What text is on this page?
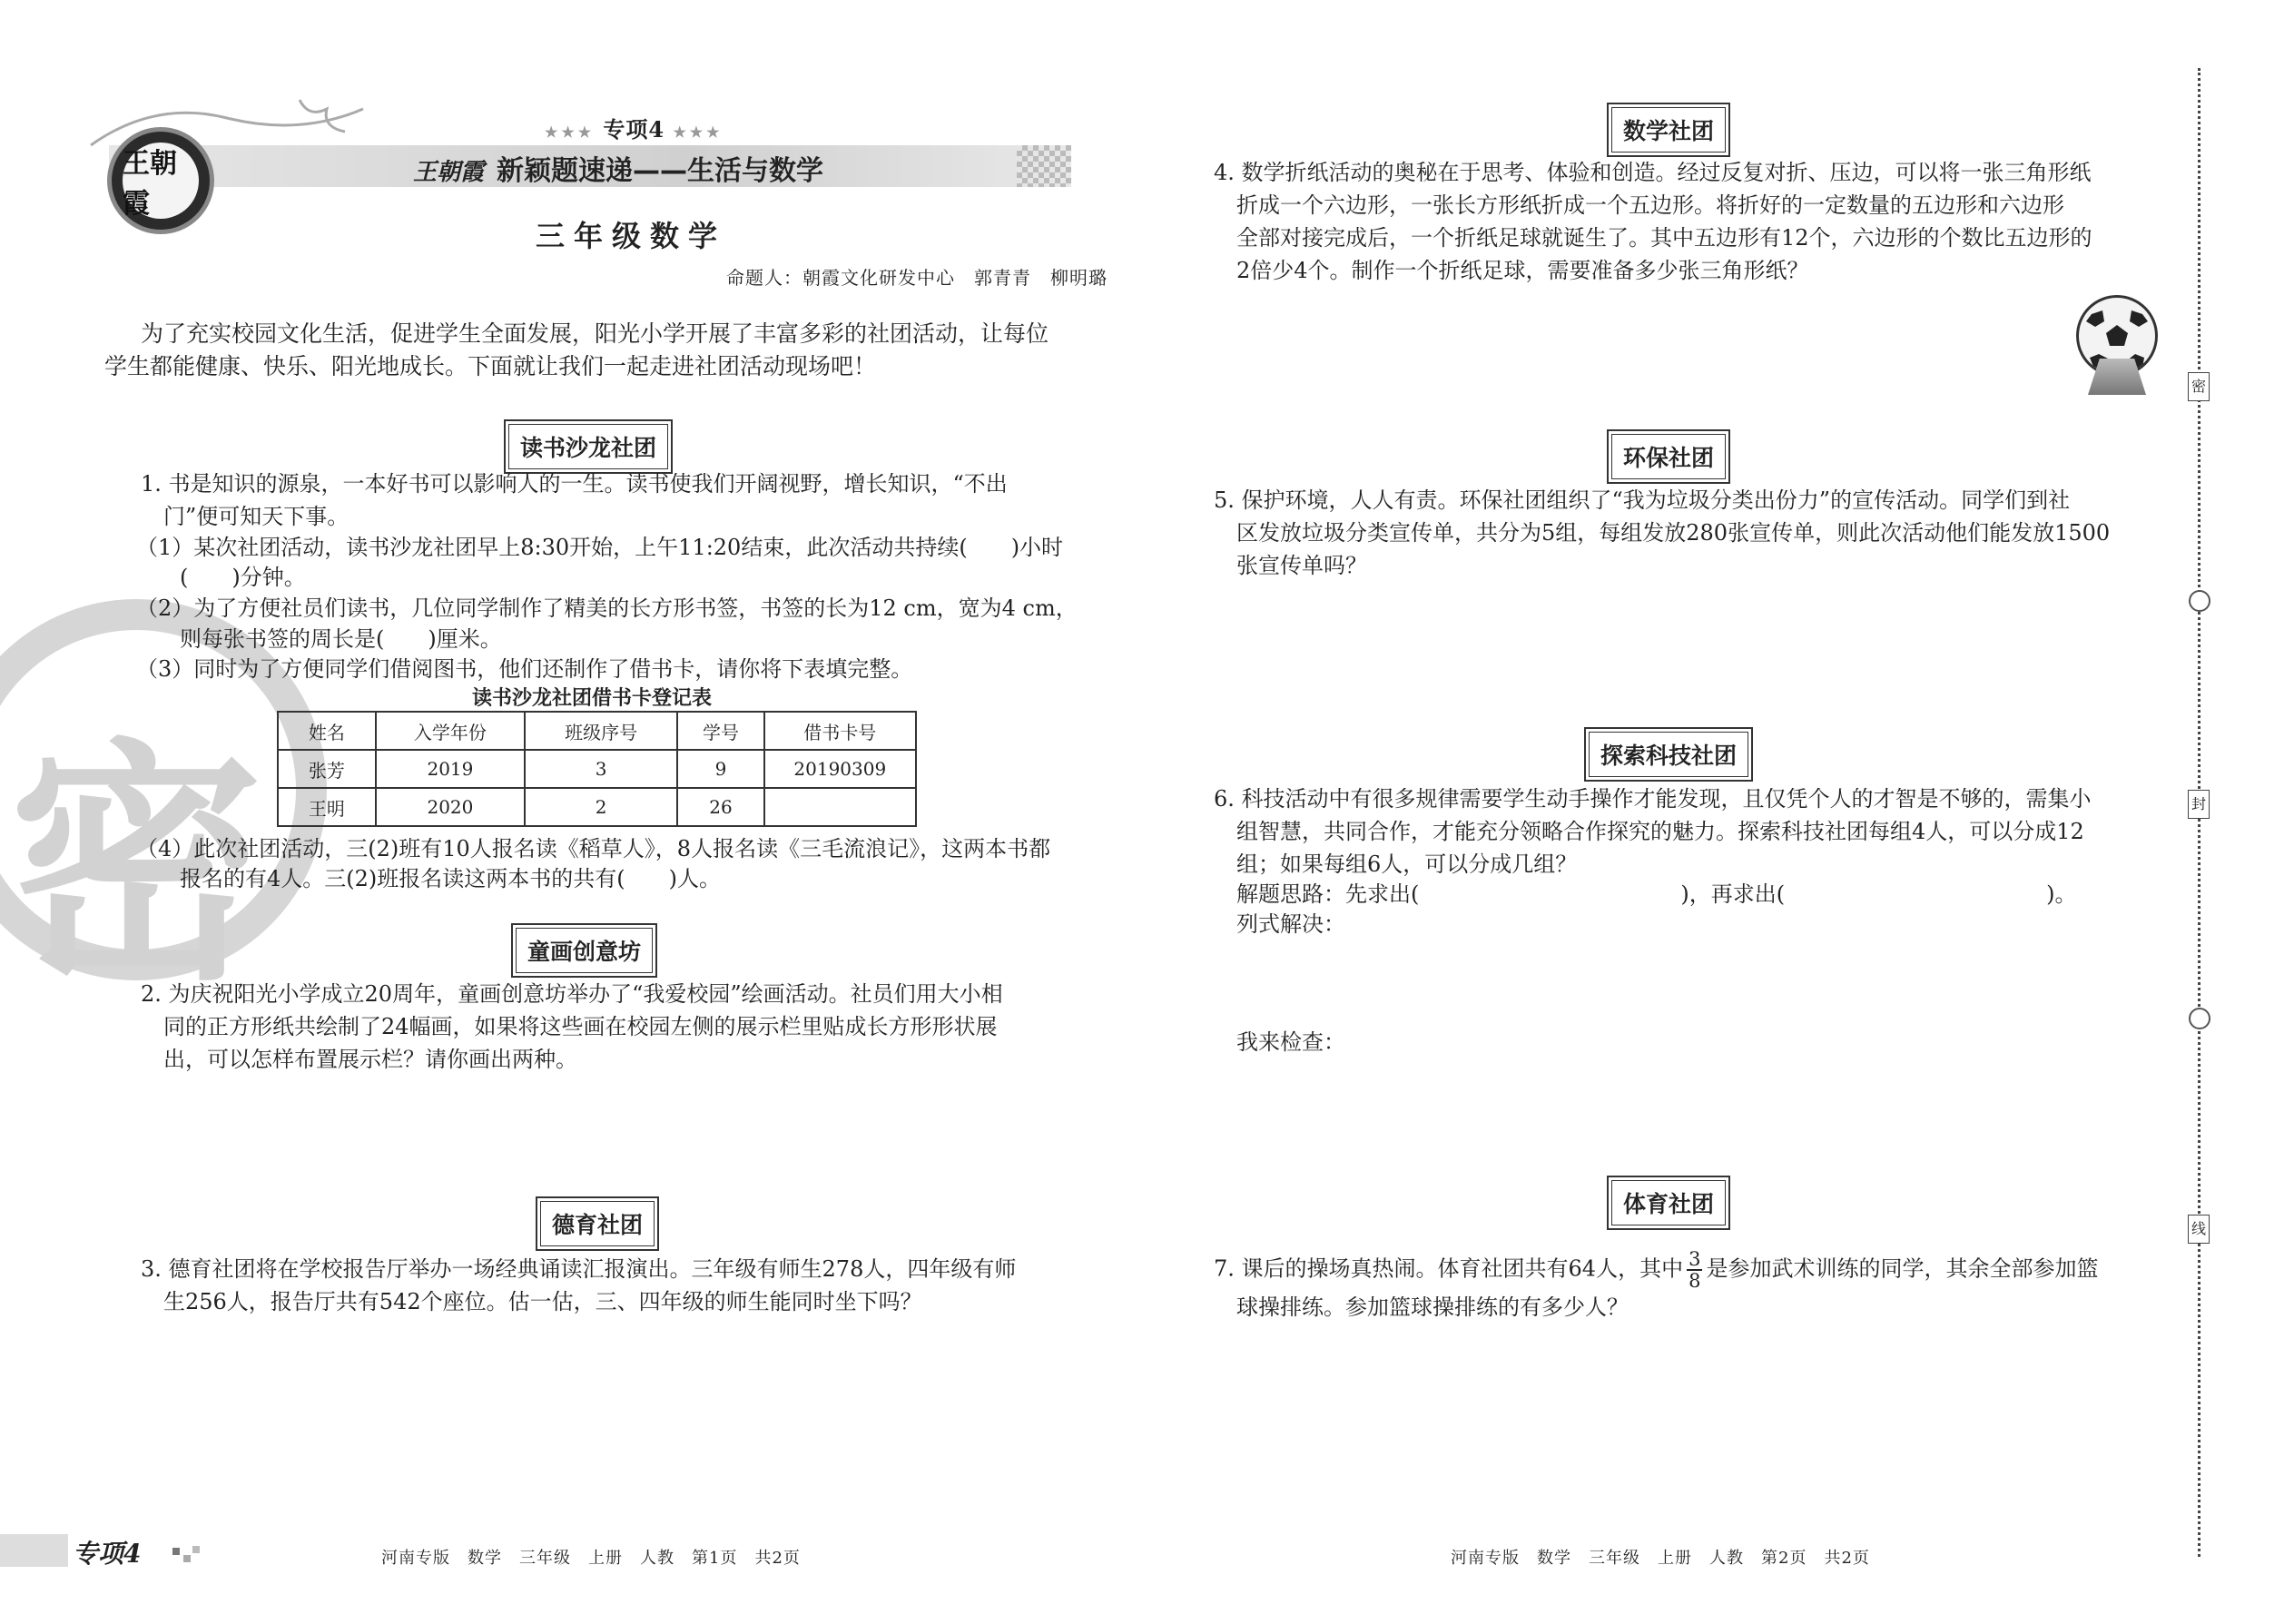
密
王朝霞
★★★ 专项4 ★★★
王朝霞 新颖题速递——生活与数学
三年级数学
命题人：朝霞文化研发中心　郭青青　柳明璐
为了充实校园文化生活，促进学生全面发展，阳光小学开展了丰富多彩的社团活动，让每位
学生都能健康、快乐、阳光地成长。下面就让我们一起走进社团活动现场吧！
读书沙龙社团
1. 书是知识的源泉，一本好书可以影响人的一生。读书使我们开阔视野，增长知识，“不出
门”便可知天下事。
（1）某次社团活动，读书沙龙社团早上8:30开始，上午11:20结束，此次活动共持续(　　)小时
　　(　　)分钟。
（2）为了方便社员们读书，几位同学制作了精美的长方形书签，书签的长为12 cm，宽为4 cm，
　　则每张书签的周长是(　　)厘米。
（3）同时为了方便同学们借阅图书，他们还制作了借书卡，请你将下表填完整。
读书沙龙社团借书卡登记表
姓名	入学年份	班级序号	学号	借书卡号
张芳	2019	3	9	20190309
王明	2020	2	26	
（4）此次社团活动，三(2)班有10人报名读《稻草人》，8人报名读《三毛流浪记》，这两本书都
　　报名的有4人。三(2)班报名读这两本书的共有(　　)人。
童画创意坊
2. 为庆祝阳光小学成立20周年，童画创意坊举办了“我爱校园”绘画活动。社员们用大小相
同的正方形纸共绘制了24幅画，如果将这些画在校园左侧的展示栏里贴成长方形形状展
出，可以怎样布置展示栏？请你画出两种。
德育社团
3. 德育社团将在学校报告厅举办一场经典诵读汇报演出。三年级有师生278人，四年级有师
生256人，报告厅共有542个座位。估一估，三、四年级的师生能同时坐下吗？
数学社团
4. 数学折纸活动的奥秘在于思考、体验和创造。经过反复对折、压边，可以将一张三角形纸
折成一个六边形，一张长方形纸折成一个五边形。将折好的一定数量的五边形和六边形
全部对接完成后，一个折纸足球就诞生了。其中五边形有12个，六边形的个数比五边形的
2倍少4个。制作一个折纸足球，需要准备多少张三角形纸？
环保社团
5. 保护环境，人人有责。环保社团组织了“我为垃圾分类出份力”的宣传活动。同学们到社
区发放垃圾分类宣传单，共分为5组，每组发放280张宣传单，则此次活动他们能发放1500
张宣传单吗？
探索科技社团
6. 科技活动中有很多规律需要学生动手操作才能发现，且仅凭个人的才智是不够的，需集小
组智慧，共同合作，才能充分领略合作探究的魅力。探索科技社团每组4人，可以分成12
组；如果每组6人，可以分成几组？
解题思路：先求出(　　　　　　　　　　　　)，再求出(　　　　　　　　　　　　)。
列式解决：
我来检查：
体育社团
7. 课后的操场真热闹。体育社团共有64人，其中 $\frac{3}{8}$ 是参加武术训练的同学，其余全部参加篮
球操排练。参加篮球操排练的有多少人？
密
封
线
专项4	河南专版　数学　三年级　上册　人教　第1页　共2页	河南专版　数学　三年级　上册　人教　第2页　共2页
